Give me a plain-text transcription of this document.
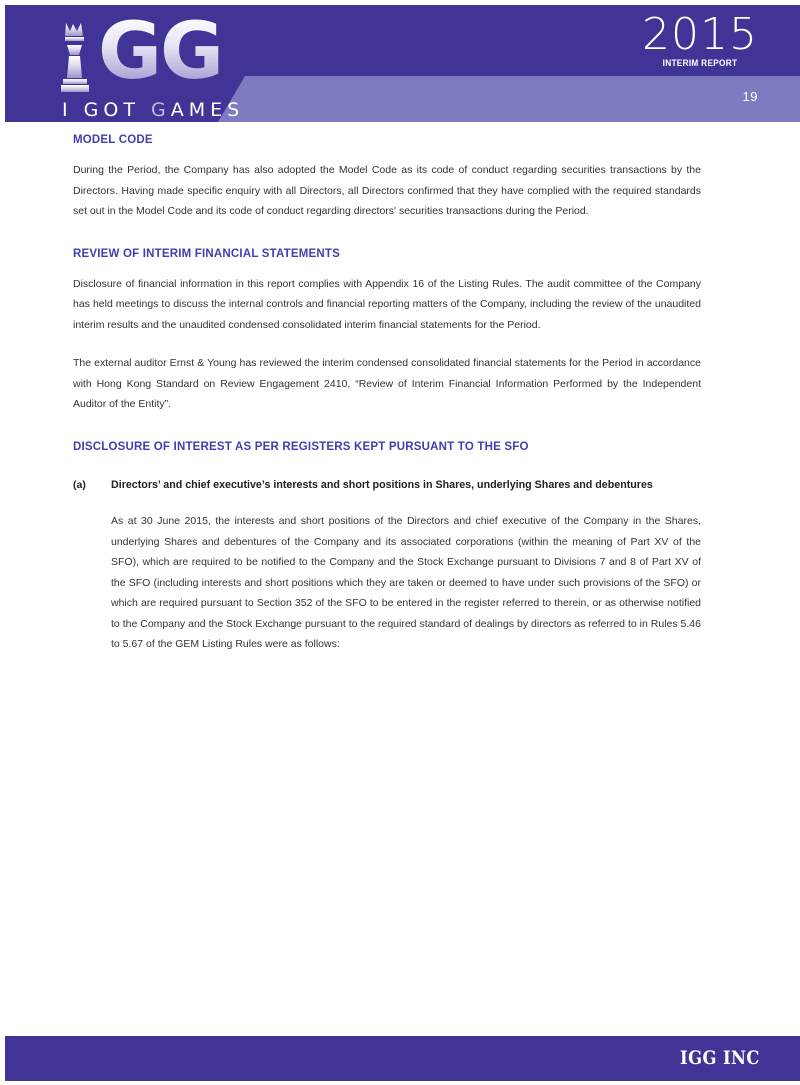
GG
I GOT GAMES
2015
INTERIM REPORT
19
MODEL CODE

During the Period, the Company has also adopted the Model Code as its code of conduct regarding securities transactions by the Directors. Having made specific enquiry with all Directors, all Directors confirmed that they have complied with the required standards set out in the Model Code and its code of conduct regarding directors' securities transactions during the Period.

REVIEW OF INTERIM FINANCIAL STATEMENTS

Disclosure of financial information in this report complies with Appendix 16 of the Listing Rules. The audit committee of the Company has held meetings to discuss the internal controls and financial reporting matters of the Company, including the review of the unaudited interim results and the unaudited condensed consolidated interim financial statements for the Period.

The external auditor Ernst & Young has reviewed the interim condensed consolidated financial statements for the Period in accordance with Hong Kong Standard on Review Engagement 2410, “Review of Interim Financial Information Performed by the Independent Auditor of the Entity”.

DISCLOSURE OF INTEREST AS PER REGISTERS KEPT PURSUANT TO THE SFO
(a)	Directors’ and chief executive’s interests and short positions in Shares, underlying Shares and debentures

As at 30 June 2015, the interests and short positions of the Directors and chief executive of the Company in the Shares, underlying Shares and debentures of the Company and its associated corporations (within the meaning of Part XV of the SFO), which are required to be notified to the Company and the Stock Exchange pursuant to Divisions 7 and 8 of Part XV of the SFO (including interests and short positions which they are taken or deemed to have under such provisions of the SFO) or which are required pursuant to Section 352 of the SFO to be entered in the register referred to therein, or as otherwise notified to the Company and the Stock Exchange pursuant to the required standard of dealings by directors as referred to in Rules 5.46 to 5.67 of the GEM Listing Rules were as follows:

IGG INC
